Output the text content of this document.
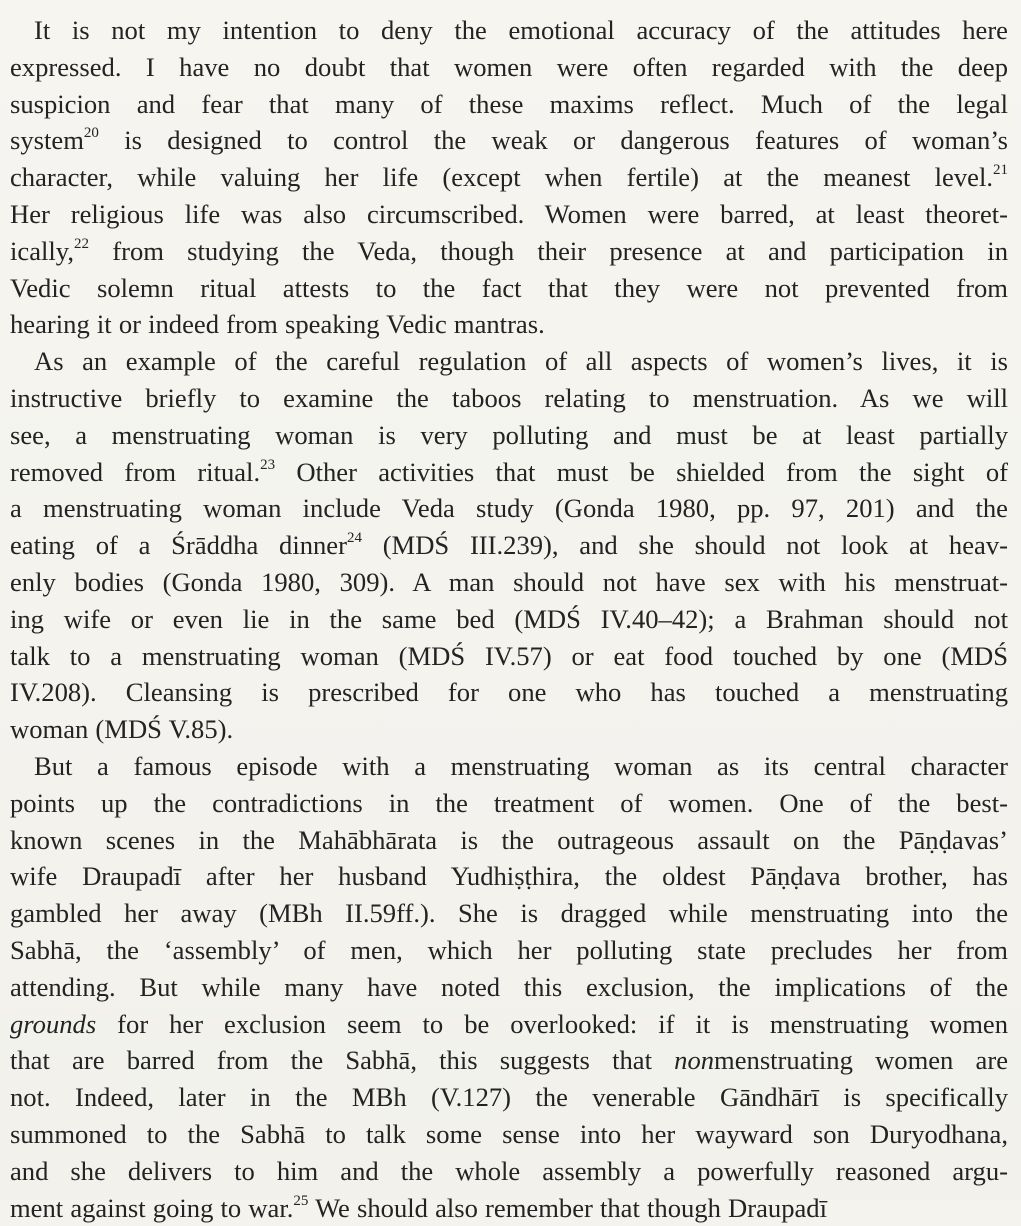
It is not my intention to deny the emotional accuracy of the attitudes here
expressed. I have no doubt that women were often regarded with the deep
suspicion and fear that many of these maxims reflect. Much of the legal
system$^{20}$ is designed to control the weak or dangerous features of woman’s
character, while valuing her life (except when fertile) at the meanest level.$^{21}$
Her religious life was also circumscribed. Women were barred, at least theoret-
ically,$^{22}$ from studying the Veda, though their presence at and participation in
Vedic solemn ritual attests to the fact that they were not prevented from
hearing it or indeed from speaking Vedic mantras.
As an example of the careful regulation of all aspects of women’s lives, it is
instructive briefly to examine the taboos relating to menstruation. As we will
see, a menstruating woman is very polluting and must be at least partially
removed from ritual.$^{23}$ Other activities that must be shielded from the sight of
a menstruating woman include Veda study (Gonda 1980, pp. 97, 201) and the
eating of a Śrāddha dinner$^{24}$ (MDŚ III.239), and she should not look at heav-
enly bodies (Gonda 1980, 309). A man should not have sex with his menstruat-
ing wife or even lie in the same bed (MDŚ IV.40–42); a Brahman should not
talk to a menstruating woman (MDŚ IV.57) or eat food touched by one (MDŚ
IV.208). Cleansing is prescribed for one who has touched a menstruating
woman (MDŚ V.85).
But a famous episode with a menstruating woman as its central character
points up the contradictions in the treatment of women. One of the best-
known scenes in the Mahābhārata is the outrageous assault on the Pāṇḍavas’
wife Draupadī after her husband Yudhiṣṭhira, the oldest Pāṇḍava brother, has
gambled her away (MBh II.59ff.). She is dragged while menstruating into the
Sabhā, the ‘assembly’ of men, which her polluting state precludes her from
attending. But while many have noted this exclusion, the implications of the
grounds for her exclusion seem to be overlooked: if it is menstruating women
that are barred from the Sabhā, this suggests that nonmenstruating women are
not. Indeed, later in the MBh (V.127) the venerable Gāndhārī is specifically
summoned to the Sabhā to talk some sense into her wayward son Duryodhana,
and she delivers to him and the whole assembly a powerfully reasoned argu-
ment against going to war.$^{25}$ We should also remember that though Draupadī
